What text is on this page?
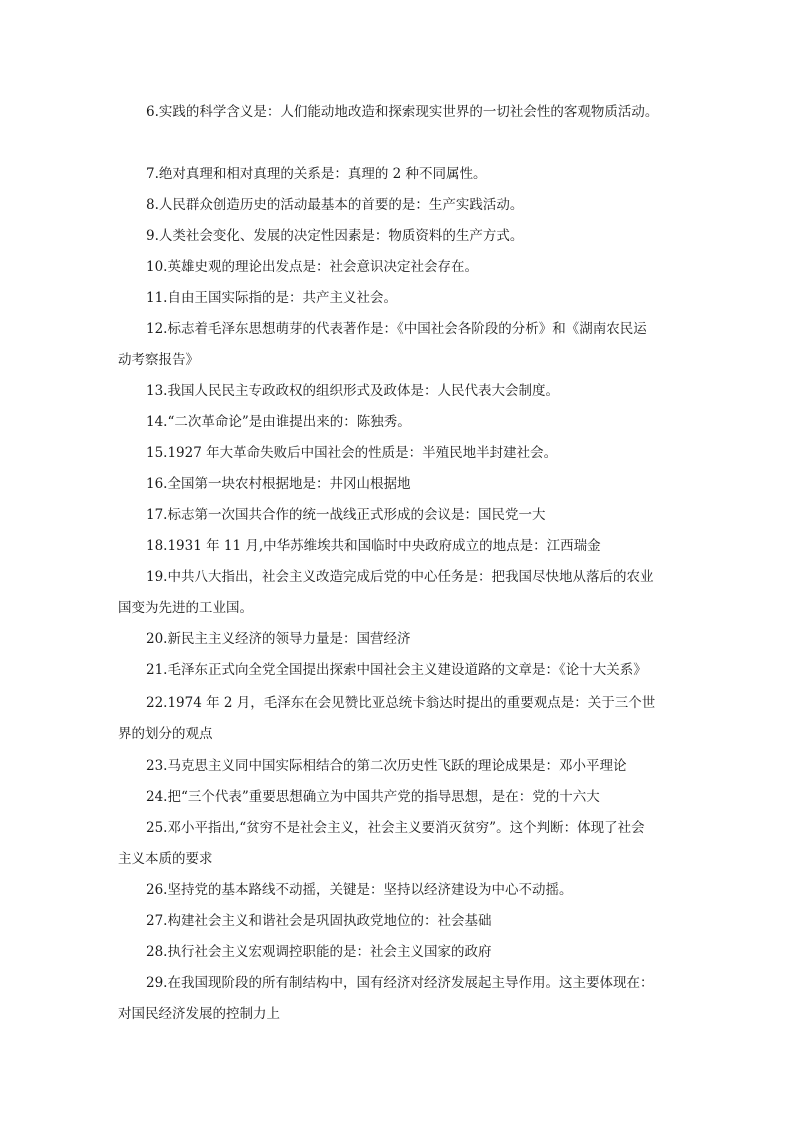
6.实践的科学含义是：人们能动地改造和探索现实世界的一切社会性的客观物质活动。
7.绝对真理和相对真理的关系是：真理的 2 种不同属性。
8.人民群众创造历史的活动最基本的首要的是：生产实践活动。
9.人类社会变化、发展的决定性因素是：物质资料的生产方式。
10.英雄史观的理论出发点是：社会意识决定社会存在。
11.自由王国实际指的是：共产主义社会。
12.标志着毛泽东思想萌芽的代表著作是：《中国社会各阶段的分析》和《湖南农民运
动考察报告》
13.我国人民民主专政政权的组织形式及政体是：人民代表大会制度。
14.“二次革命论”是由谁提出来的：陈独秀。
15.1927 年大革命失败后中国社会的性质是：半殖民地半封建社会。
16.全国第一块农村根据地是：井冈山根据地
17.标志第一次国共合作的统一战线正式形成的会议是：国民党一大
18.1931 年 11 月,中华苏维埃共和国临时中央政府成立的地点是：江西瑞金
19.中共八大指出，社会主义改造完成后党的中心任务是：把我国尽快地从落后的农业
国变为先进的工业国。
20.新民主主义经济的领导力量是：国营经济
21.毛泽东正式向全党全国提出探索中国社会主义建设道路的文章是：《论十大关系》
22.1974 年 2 月，毛泽东在会见赞比亚总统卡翁达时提出的重要观点是：关于三个世
界的划分的观点
23.马克思主义同中国实际相结合的第二次历史性飞跃的理论成果是：邓小平理论
24.把“三个代表”重要思想确立为中国共产党的指导思想，是在：党的十六大
25.邓小平指出,“贫穷不是社会主义，社会主义要消灭贫穷”。这个判断：体现了社会
主义本质的要求
26.坚持党的基本路线不动摇，关键是：坚持以经济建设为中心不动摇。
27.构建社会主义和谐社会是巩固执政党地位的：社会基础
28.执行社会主义宏观调控职能的是：社会主义国家的政府
29.在我国现阶段的所有制结构中，国有经济对经济发展起主导作用。这主要体现在：
对国民经济发展的控制力上
